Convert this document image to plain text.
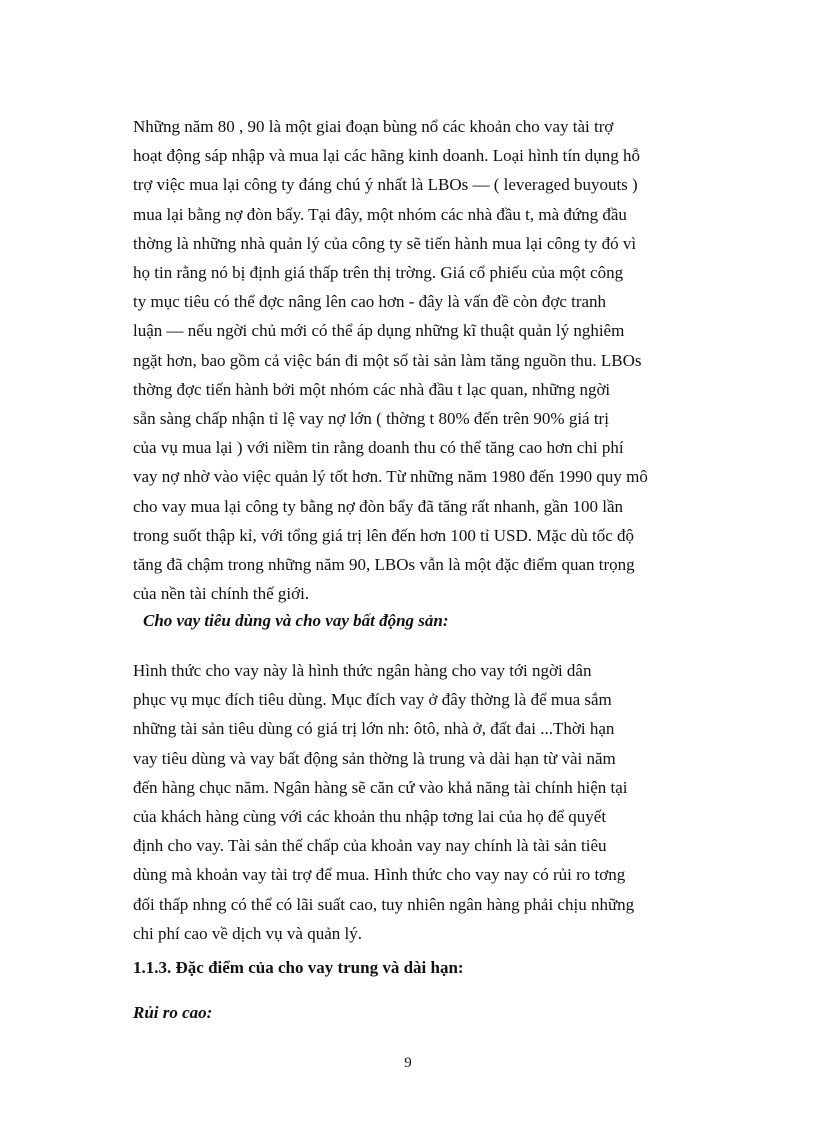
Những năm 80 , 90 là một giai đoạn bùng nổ các khoản cho vay tài trợ
hoạt động sáp nhập và mua lại các hãng kinh doanh. Loại hình tín dụng hỗ
trợ việc mua lại công ty đáng chú ý nhất là LBOs — ( leveraged buyouts )
mua lại bằng nợ đòn bẩy. Tại đây, một nhóm các nhà đầu t, mà đứng đầu
thờng là những nhà quản lý của công ty sẽ tiến hành mua lại công ty đó vì
họ tin rằng nó bị định giá thấp trên thị trờng. Giá cổ phiếu của một công
ty mục tiêu có thể đợc nâng lên cao hơn - đây là vấn đề còn đợc tranh
luận — nếu ngời chủ mới có thể áp dụng những kĩ thuật quản lý nghiêm
ngặt hơn, bao gồm cả việc bán đi một số tài sản làm tăng nguồn thu. LBOs
thờng đợc tiến hành bởi một nhóm các nhà đầu t lạc quan, những ngời
sẵn sàng chấp nhận tỉ lệ vay nợ lớn ( thờng t 80% đến trên 90% giá trị
của vụ mua lại ) với niềm tin rằng doanh thu có thể tăng cao hơn chi phí
vay nợ nhờ vào việc quản lý tốt hơn. Từ những năm 1980 đến 1990 quy mô
cho vay mua lại công ty bằng nợ đòn bẩy đã tăng rất nhanh, gần 100 lần
trong suốt thập kỉ, với tổng giá trị lên đến hơn 100 tỉ USD. Mặc dù tốc độ
tăng đã chậm trong những năm 90, LBOs vẫn là một đặc điểm quan trọng
của nền tài chính thế giới.

Cho vay tiêu dùng và cho vay bất động sản:

Hình thức cho vay này là hình thức ngân hàng cho vay tới ngời dân
phục vụ mục đích tiêu dùng. Mục đích vay ở đây thờng là để mua sắm
những tài sản tiêu dùng có giá trị lớn nh: ôtô, nhà ở, đất đai ...Thời hạn
vay tiêu dùng và vay bất động sản thờng là trung và dài hạn từ vài năm
đến hàng chục năm. Ngân hàng sẽ căn cứ vào khả năng tài chính hiện tại
của khách hàng cùng với các khoản thu nhập tơng lai của họ để quyết
định cho vay. Tài sản thế chấp của khoản vay nay chính là tài sản tiêu
dùng mà khoản vay tài trợ để mua. Hình thức cho vay nay có rủi ro tơng
đối thấp nhng có thể có lãi suất cao, tuy nhiên ngân hàng phải chịu những
chi phí cao về dịch vụ và quản lý.

1.1.3. Đặc điểm của cho vay trung và dài hạn:
Rủi ro cao:
9
